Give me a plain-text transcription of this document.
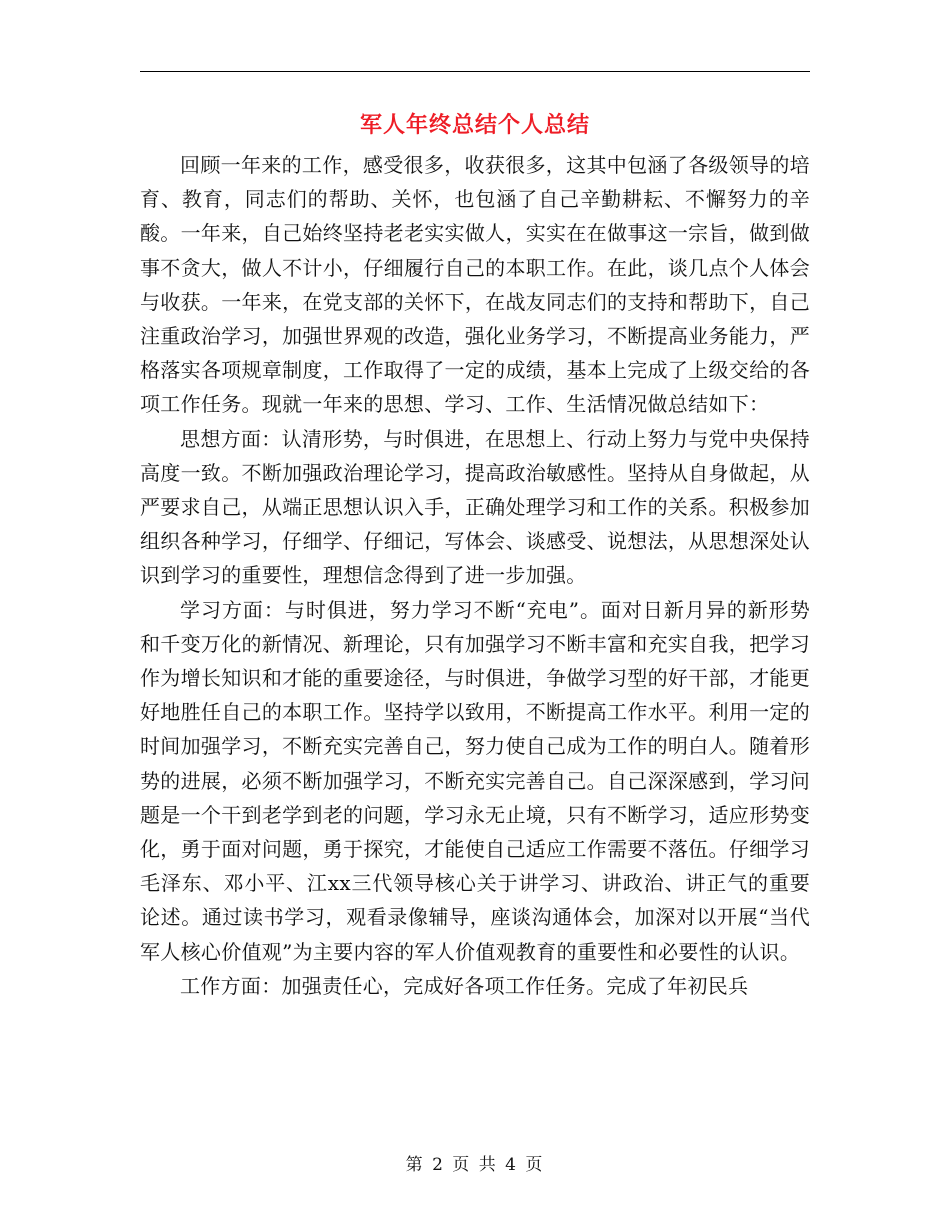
军人年终总结个人总结

回顾一年来的工作，感受很多，收获很多，这其中包涵了各级领导的培育、教育，同志们的帮助、关怀，也包涵了自己辛勤耕耘、不懈努力的辛酸。一年来，自己始终坚持老老实实做人，实实在在做事这一宗旨，做到做事不贪大，做人不计小，仔细履行自己的本职工作。在此，谈几点个人体会与收获。一年来，在党支部的关怀下，在战友同志们的支持和帮助下，自己注重政治学习，加强世界观的改造，强化业务学习，不断提高业务能力，严格落实各项规章制度，工作取得了一定的成绩，基本上完成了上级交给的各项工作任务。现就一年来的思想、学习、工作、生活情况做总结如下：

思想方面：认清形势，与时俱进，在思想上、行动上努力与党中央保持高度一致。不断加强政治理论学习，提高政治敏感性。坚持从自身做起，从严要求自己，从端正思想认识入手，正确处理学习和工作的关系。积极参加组织各种学习，仔细学、仔细记，写体会、谈感受、说想法，从思想深处认识到学习的重要性，理想信念得到了进一步加强。

学习方面：与时俱进，努力学习不断“充电”。面对日新月异的新形势和千变万化的新情况、新理论，只有加强学习不断丰富和充实自我，把学习作为增长知识和才能的重要途径，与时俱进，争做学习型的好干部，才能更好地胜任自己的本职工作。坚持学以致用，不断提高工作水平。利用一定的时间加强学习，不断充实完善自己，努力使自己成为工作的明白人。随着形势的进展，必须不断加强学习，不断充实完善自己。自己深深感到，学习问题是一个干到老学到老的问题，学习永无止境，只有不断学习，适应形势变化，勇于面对问题，勇于探究，才能使自己适应工作需要不落伍。仔细学习毛泽东、邓小平、江xx三代领导核心关于讲学习、讲政治、讲正气的重要论述。通过读书学习，观看录像辅导，座谈沟通体会，加深对以开展“当代军人核心价值观”为主要内容的军人价值观教育的重要性和必要性的认识。

工作方面：加强责任心，完成好各项工作任务。完成了年初民兵

第 2 页 共 4 页
